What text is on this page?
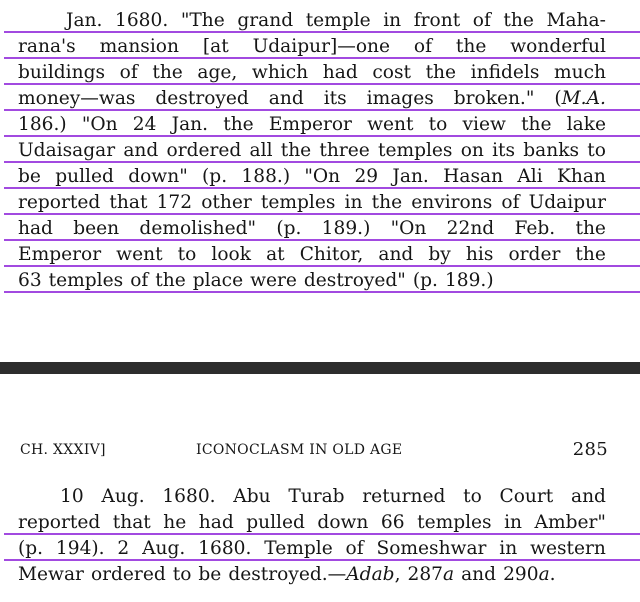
Jan. 1680. "The grand temple in front of the Maha-
rana's mansion [at Udaipur]—one of the wonderful
buildings of the age, which had cost the infidels much
money—was destroyed and its images broken." (M.A.
186.) "On 24 Jan. the Emperor went to view the lake
Udaisagar and ordered all the three temples on its banks to
be pulled down" (p. 188.) "On 29 Jan. Hasan Ali Khan
reported that 172 other temples in the environs of Udaipur
had been demolished" (p. 189.) "On 22nd Feb. the
Emperor went to look at Chitor, and by his order the
63 temples of the place were destroyed" (p. 189.)
CH. XXXIV]	ICONOCLASM IN OLD AGE	285
10 Aug. 1680. Abu Turab returned to Court and
reported that he had pulled down 66 temples in Amber"
(p. 194). 2 Aug. 1680. Temple of Someshwar in western
Mewar ordered to be destroyed.—Adab, 287a and 290a.
